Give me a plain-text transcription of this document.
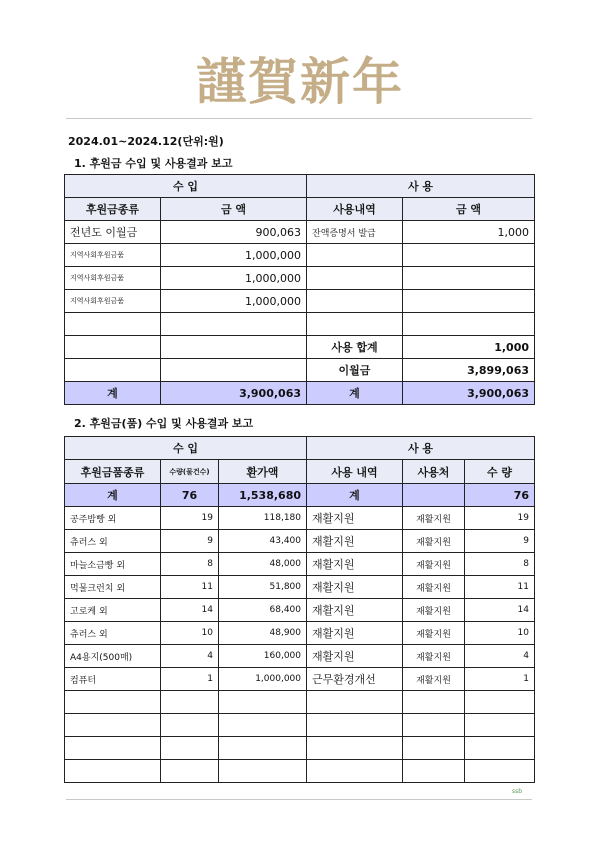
謹賀新年
2024.01~2024.12(단위:원)
1. 후원금 수입 및 사용결과 보고
수 입		사 용	
후원금종류	금 액	사용내역	금 액
전년도 이월금	900,063	잔액증명서 발급	1,000
지역사회후원금품	1,000,000		
지역사회후원금품	1,000,000		
지역사회후원금품	1,000,000		

		사용 합계	1,000
		이월금	3,899,063
계	3,900,063	계	3,900,063
2. 후원금(품) 수입 및 사용결과 보고
수 입			사 용		
후원금품종류	수량(물건수)	환가액	사용 내역	사용처	수 량
계	76	1,538,680	계		76
공주밤빵 외	19	118,180	재활지원	재활지원	19
츄러스 외	9	43,400	재활지원	재활지원	9
마늘소금빵 외	8	48,000	재활지원	재활지원	8
먹물크런치 외	11	51,800	재활지원	재활지원	11
고로케 외	14	68,400	재활지원	재활지원	14
츄러스 외	10	48,900	재활지원	재활지원	10
A4용지(500매)	4	160,000	재활지원	재활지원	4
컴퓨터	1	1,000,000	근무환경개선	재활지원	1

ssb
